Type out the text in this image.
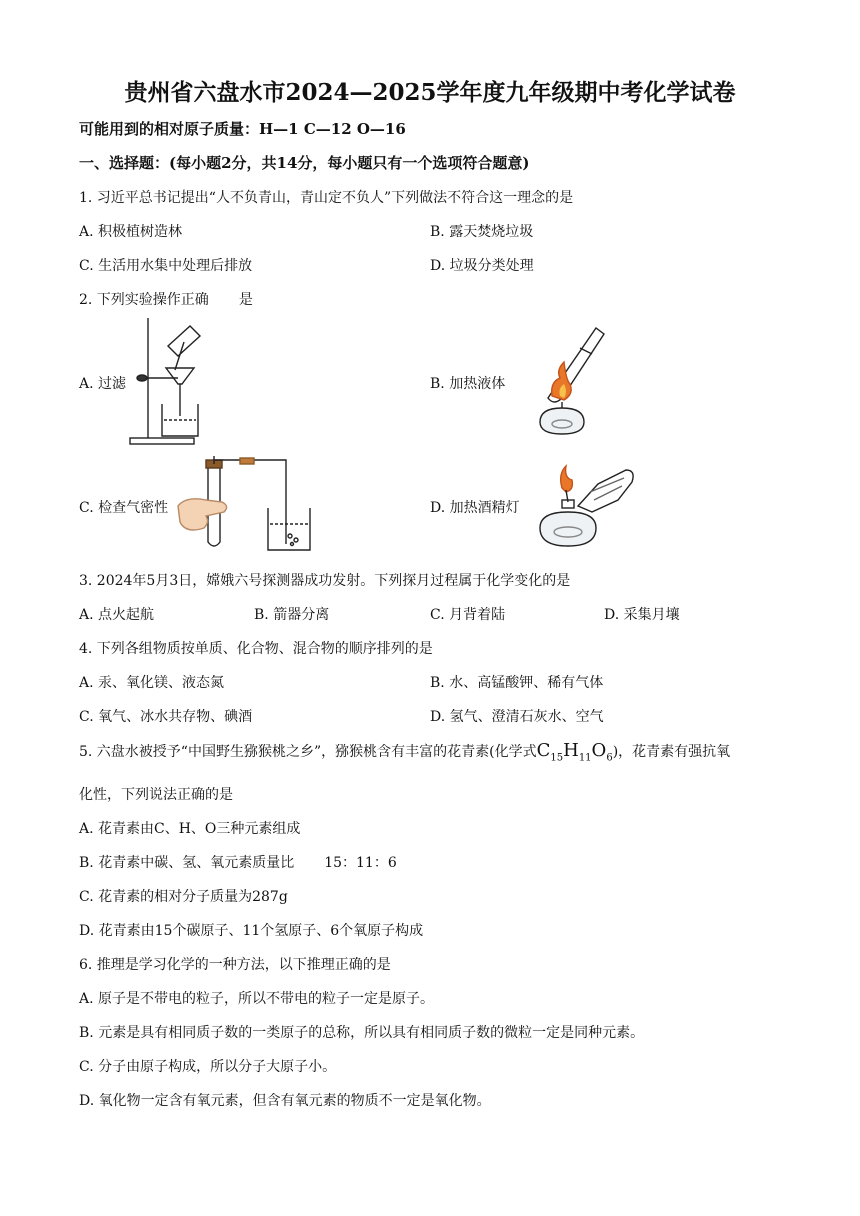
贵州省六盘水市2024—2025学年度九年级期中考化学试卷
可能用到的相对原子质量：H—1 C—12 O—16
一、选择题：(每小题2分，共14分，每小题只有一个选项符合题意)
1. 习近平总书记提出“人不负青山，青山定不负人”下列做法不符合这一理念的是
A. 积极植树造林	B. 露天焚烧垃圾
C. 生活用水集中处理后排放	D. 垃圾分类处理
2. 下列实验操作正确 是
A. 过滤	B. 加热液体
C. 检查气密性	D. 加热酒精灯
3. 2024年5月3日，嫦娥六号探测器成功发射。下列探月过程属于化学变化的是
A. 点火起航	B. 箭器分离	C. 月背着陆	D. 采集月壤
4. 下列各组物质按单质、化合物、混合物的顺序排列的是
A. 汞、氧化镁、液态氮	B. 水、高锰酸钾、稀有气体
C. 氧气、冰水共存物、碘酒	D. 氢气、澄清石灰水、空气
5. 六盘水被授予“中国野生猕猴桃之乡”，猕猴桃含有丰富的花青素(化学式$C_{15}H_{11}O_6$)，花青素有强抗氧
化性，下列说法正确的是
A. 花青素由C、H、O三种元素组成
B. 花青素中碳、氢、氧元素质量比 15：11：6
C. 花青素的相对分子质量为287g
D. 花青素由15个碳原子、11个氢原子、6个氧原子构成
6. 推理是学习化学的一种方法，以下推理正确的是
A. 原子是不带电的粒子，所以不带电的粒子一定是原子。
B. 元素是具有相同质子数的一类原子的总称，所以具有相同质子数的微粒一定是同种元素。
C. 分子由原子构成，所以分子大原子小。
D. 氧化物一定含有氧元素，但含有氧元素的物质不一定是氧化物。
